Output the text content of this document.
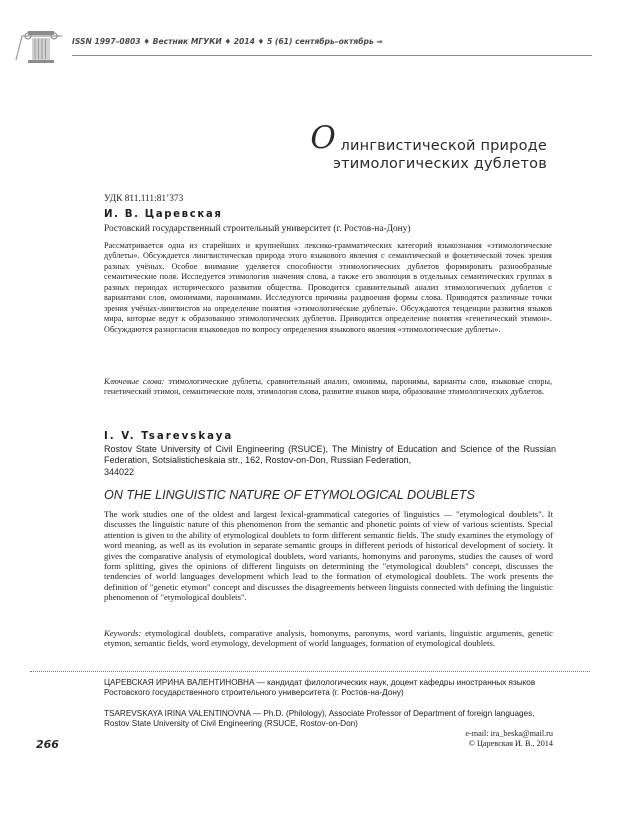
ISSN 1997–0803 ♦ Вестник МГУКИ ♦ 2014 ♦ 5 (61) сентябрь–октябрь ⇒
О лингвистической природе
этимологических дублетов
УДК 811.111:81’373
И. В. Царевская
Ростовский государственный строительный университет (г. Ростов-на-Дону)
Рассматривается одна из старейших и крупнейших лексико-грамматических категорий языкознания «этимологические дублеты». Обсуждается лингвистическая природа этого языкового явления с семантической и фонетической точек зрения разных учёных. Особое внимание уделяется способности этимологических дублетов формировать разнообразные семантические поля. Исследуется этимология значения слова, а также его эволюция в отдельных семантических группах в разных периодах исторического развития общества. Проводится сравнительный анализ этимологических дублетов с вариантами слов, омонимами, паронимами. Исследуются причины раздвоения формы слова. Приводятся различные точки зрения учёных-лингвистов на определение понятия «этимологические дублеты». Обсуждаются тенденции развития языков мира, которые ведут к образованию этимологических дублетов. Приводится определение понятия «генетический этимон». Обсуждаются разногласия языковедов по вопросу определения языкового явления «этимологические дублеты».
Ключевые слова: этимологические дублеты, сравнительный анализ, омонимы, паронимы, варианты слов, языковые споры, генетический этимон, семантические поля, этимология слова, развитие языков мира, образование этимологических дублетов.
I. V. Tsarevskaya
Rostov State University of Civil Engineering (RSUCE), The Ministry of Education and Science of the Russian Federation, Sotsialisticheskaia str., 162, Rostov-on-Don, Russian Federation,
344022
ON THE LINGUISTIC NATURE OF ETYMOLOGICAL DOUBLETS
The work studies one of the oldest and largest lexical-grammatical categories of linguistics — "etymological doublets". It discusses the linguistic nature of this phenomenon from the semantic and phonetic points of view of various scientists. Special attention is given to the ability of etymological doublets to form different semantic fields. The study examines the etymology of word meaning, as well as its evolution in separate semantic groups in different periods of historical development of society. It gives the comparative analysis of etymological doublets, word variants, homonyms and paronyms, studies the causes of word form splitting, gives the opinions of different linguists on determining the "etymological doublets" concept, discusses the tendencies of world languages development which lead to the formation of etymological doublets. The work presents the definition of "genetic etymon" concept and discusses the disagreements between linguists connected with defining the linguistic phenomenon of "etymological doublets".
Keywords: etymological doublets, comparative analysis, homonyms, paronyms, word variants, linguistic arguments, genetic etymon, semantic fields, word etymology, development of world languages, formation of etymological doublets.
ЦАРЕВСКАЯ ИРИНА ВАЛЕНТИНОВНА — кандидат филологических наук, доцент кафедры иностранных языков Ростовского государственного строительного университета (г. Ростов-на-Дону)
TSAREVSKAYA IRINA VALENTINOVNA — Ph.D. (Philology), Associate Professor of Department of foreign languages, Rostov State University of Civil Engineering (RSUCE, Rostov-on-Don)
e-mail: ira_beska@mail.ru
© Царевская И. В., 2014
266
